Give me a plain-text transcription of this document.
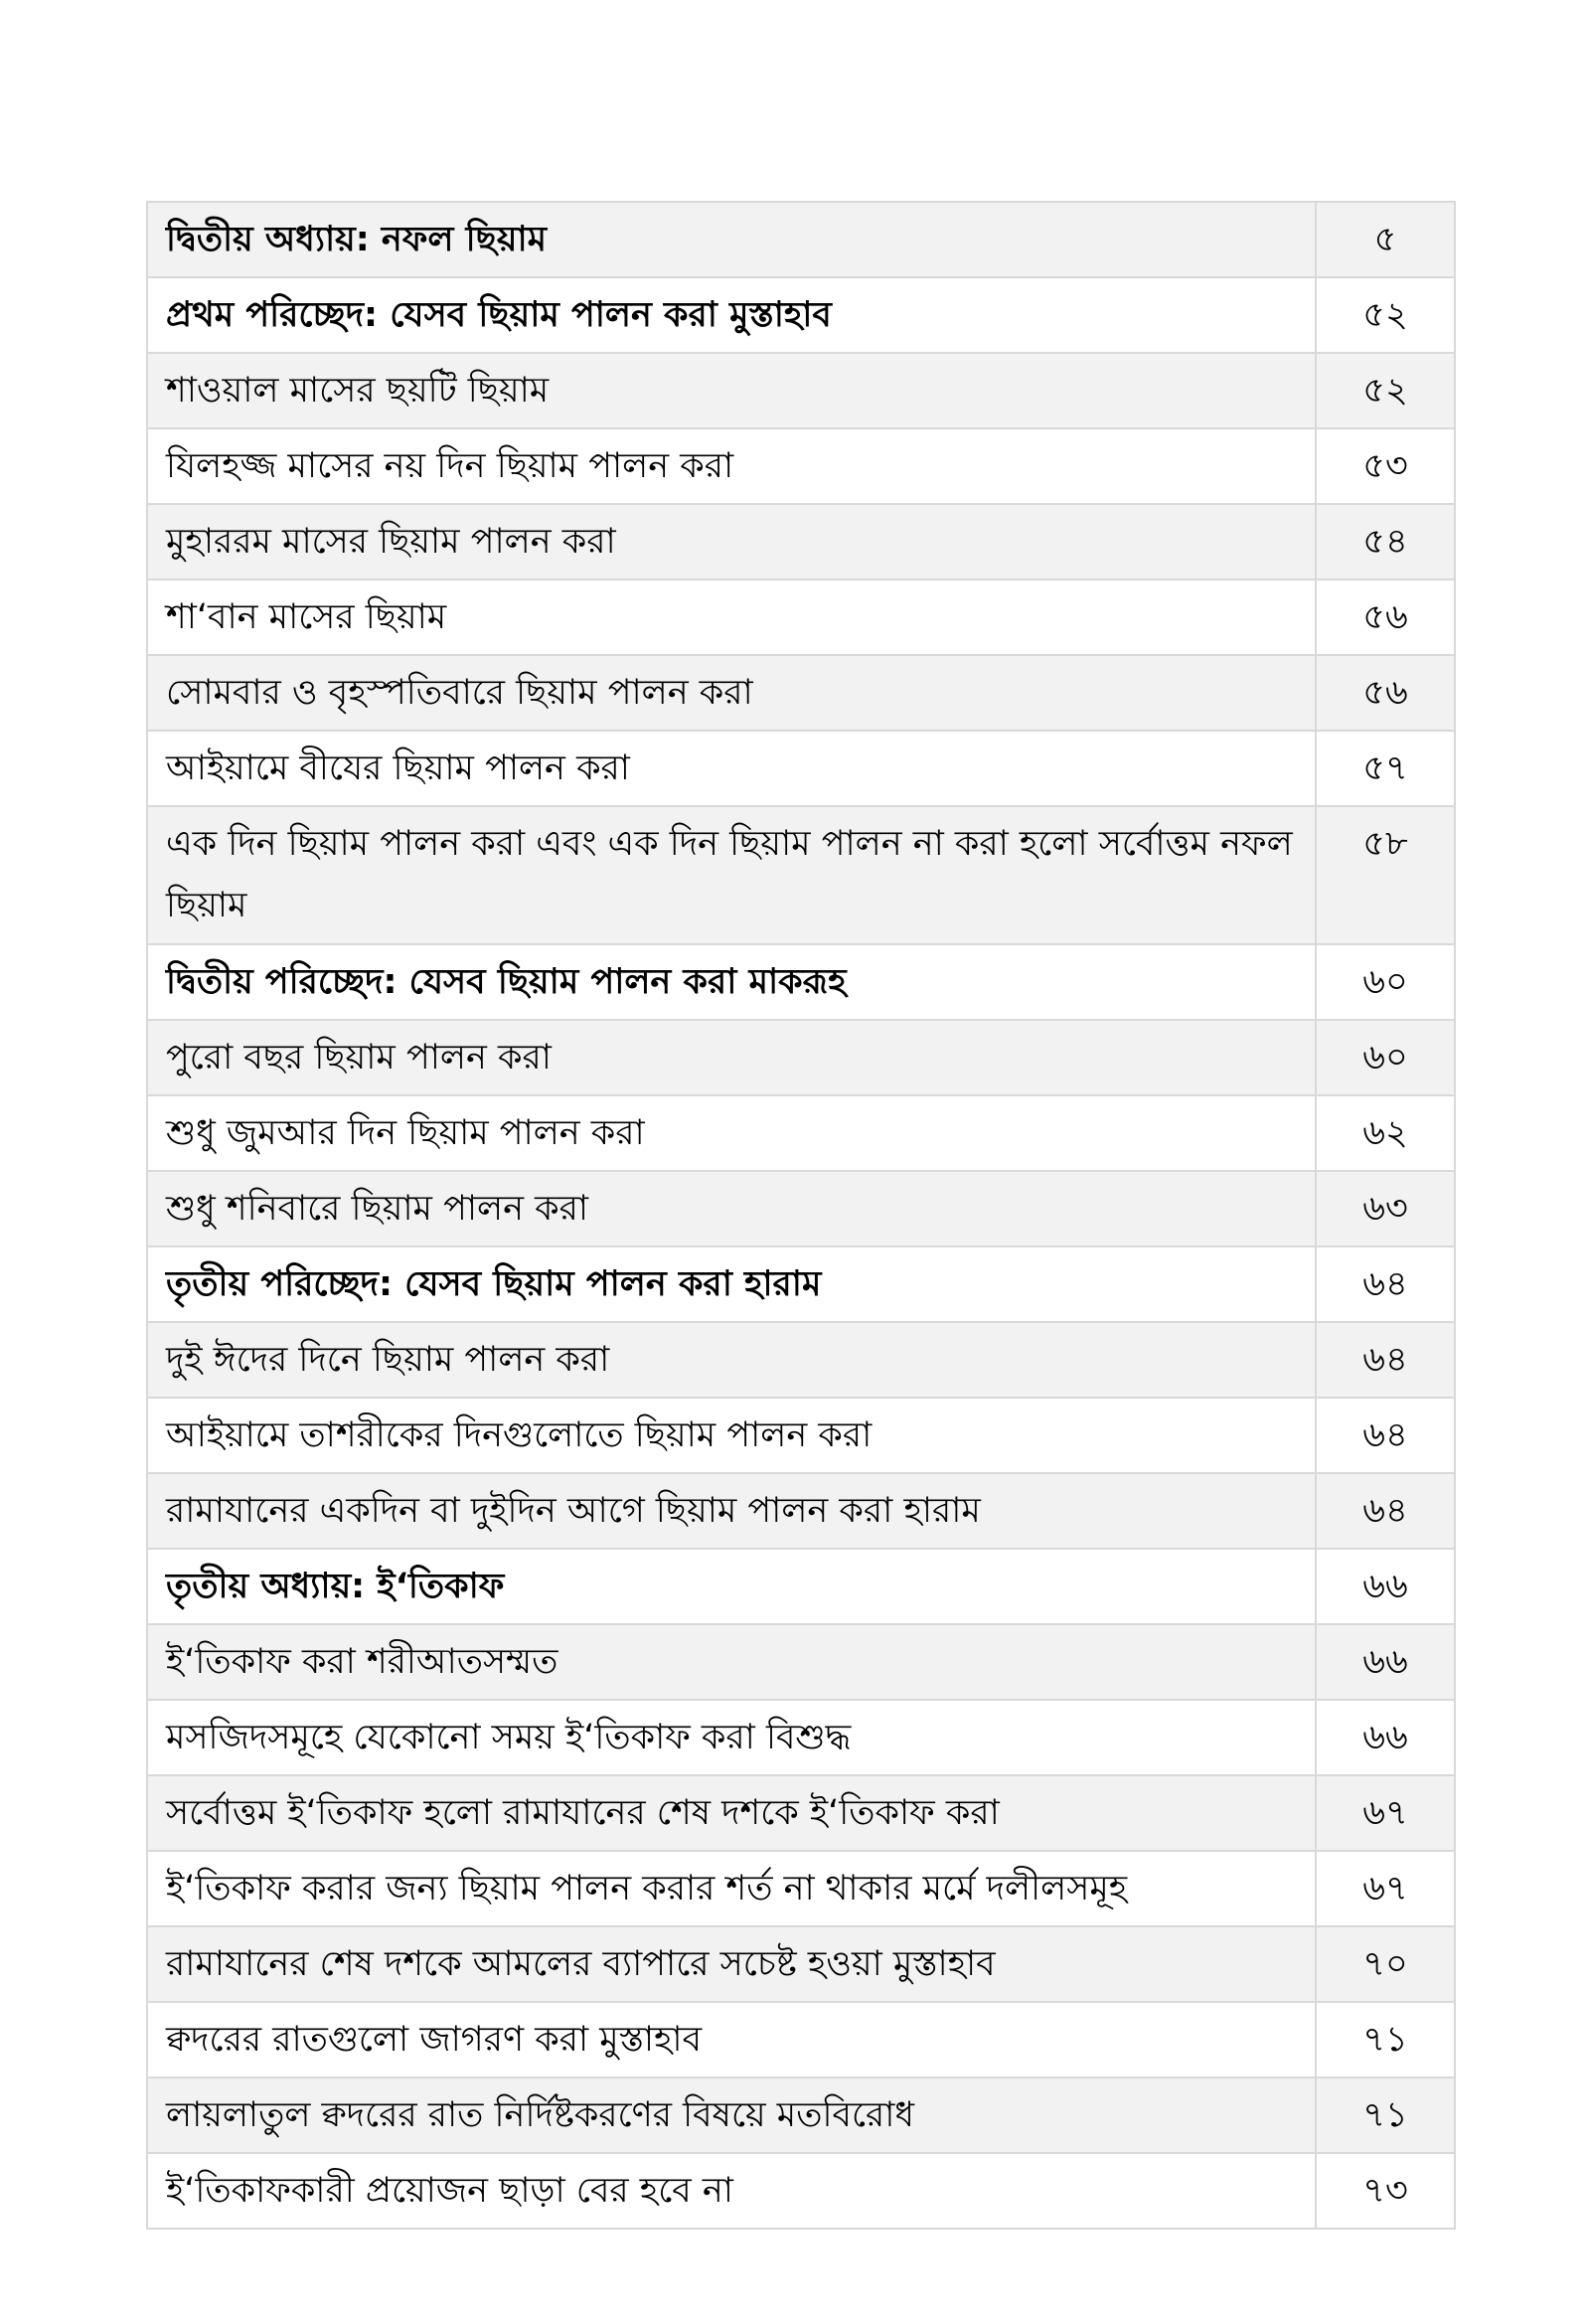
দ্বিতীয় অধ্যায়: নফল ছিয়াম	৫
প্রথম পরিচ্ছেদ: যেসব ছিয়াম পালন করা মুস্তাহাব	৫২
শাওয়াল মাসের ছয়টি ছিয়াম	৫২
যিলহজ্জ মাসের নয় দিন ছিয়াম পালন করা	৫৩
মুহাররম মাসের ছিয়াম পালন করা	৫৪
শা‘বান মাসের ছিয়াম	৫৬
সোমবার ও বৃহস্পতিবারে ছিয়াম পালন করা	৫৬
আইয়ামে বীযের ছিয়াম পালন করা	৫৭
এক দিন ছিয়াম পালন করা এবং এক দিন ছিয়াম পালন না করা হলো সর্বোত্তম নফল ছিয়াম	৫৮
দ্বিতীয় পরিচ্ছেদ: যেসব ছিয়াম পালন করা মাকরূহ	৬০
পুরো বছর ছিয়াম পালন করা	৬০
শুধু জুমআর দিন ছিয়াম পালন করা	৬২
শুধু শনিবারে ছিয়াম পালন করা	৬৩
তৃতীয় পরিচ্ছেদ: যেসব ছিয়াম পালন করা হারাম	৬৪
দুই ঈদের দিনে ছিয়াম পালন করা	৬৪
আইয়ামে তাশরীকের দিনগুলোতে ছিয়াম পালন করা	৬৪
রামাযানের একদিন বা দুইদিন আগে ছিয়াম পালন করা হারাম	৬৪
তৃতীয় অধ্যায়: ই‘তিকাফ	৬৬
ই‘তিকাফ করা শরীআতসম্মত	৬৬
মসজিদসমূহে যেকোনো সময় ই‘তিকাফ করা বিশুদ্ধ	৬৬
সর্বোত্তম ই‘তিকাফ হলো রামাযানের শেষ দশকে ই‘তিকাফ করা	৬৭
ই‘তিকাফ করার জন্য ছিয়াম পালন করার শর্ত না থাকার মর্মে দলীলসমূহ	৬৭
রামাযানের শেষ দশকে আমলের ব্যাপারে সচেষ্ট হওয়া মুস্তাহাব	৭০
ক্বদরের রাতগুলো জাগরণ করা মুস্তাহাব	৭১
লায়লাতুল ক্বদরের রাত নির্দিষ্টকরণের বিষয়ে মতবিরোধ	৭১
ই‘তিকাফকারী প্রয়োজন ছাড়া বের হবে না	৭৩
